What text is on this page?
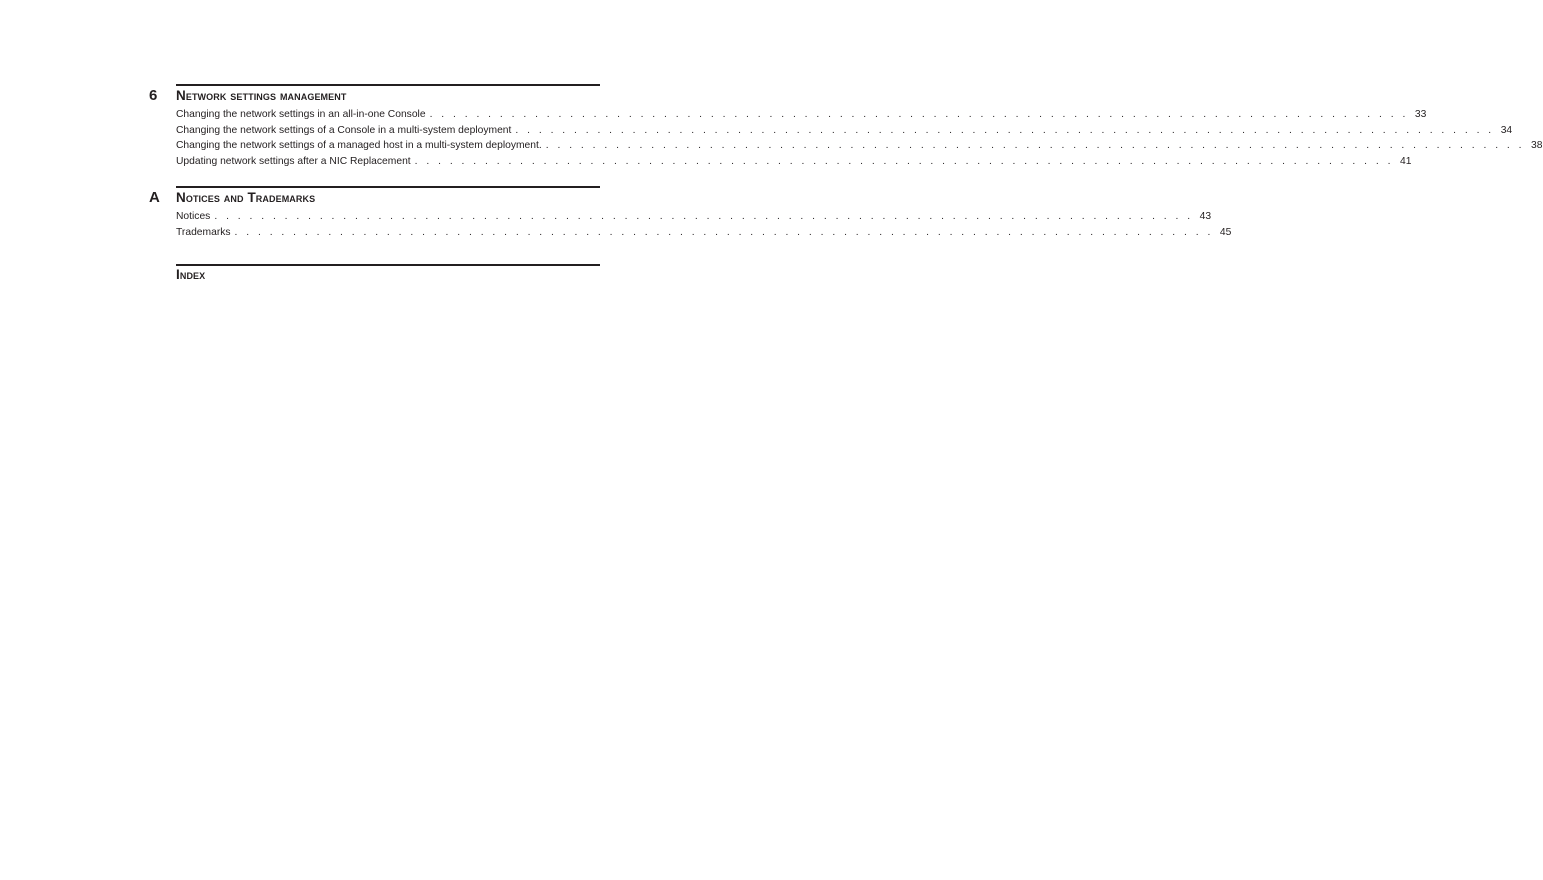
6 Network settings management
Changing the network settings in an all-in-one Console . . . . . . . . . . . . . . . . . . . . . . . . . . . . . . . . . . . . . . . . . . . . . . . . . . . . . . . . . . . . . . . . . . . . . . . . . . . . . . . . . . . . 33
Changing the network settings of a Console in a multi-system deployment . . . . . . . . . . . . . . . . . . . . . . . . . . . . . . . . . . . . . . . . . . . . . . . . . . . . . . . . . . . . . . . . . . . . . . . . . . . . . . . . . . . . 34
Changing the network settings of a managed host in a multi-system deployment. . . . . . . . . . . . . . . . . . . . . . . . . . . . . . . . . . . . . . . . . . . . . . . . . . . . . . . . . . . . . . . . . . . . . . . . . . . . . . . . . . . . . 38
Updating network settings after a NIC Replacement . . . . . . . . . . . . . . . . . . . . . . . . . . . . . . . . . . . . . . . . . . . . . . . . . . . . . . . . . . . . . . . . . . . . . . . . . . . . . . . . . . . . 41
A Notices and Trademarks
Notices . . . . . . . . . . . . . . . . . . . . . . . . . . . . . . . . . . . . . . . . . . . . . . . . . . . . . . . . . . . . . . . . . . . . . . . . . . . . . . . . . . . . 43
Trademarks . . . . . . . . . . . . . . . . . . . . . . . . . . . . . . . . . . . . . . . . . . . . . . . . . . . . . . . . . . . . . . . . . . . . . . . . . . . . . . . . . . . . 45
Index
